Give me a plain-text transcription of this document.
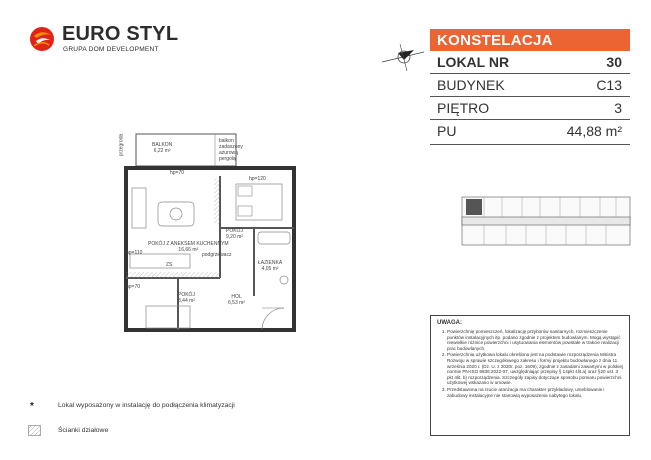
EURO STYL
GRUPA DOM DEVELOPMENT
KONSTELACJA
LOKAL NR	30
BUDYNEK	C13
PIĘTRO	3
PU	44,88 m²
BALKON
6,22 m²
balkon
zadaszony
ażurową
pergolą
przegroda
hp=70
hp=120
hp=110
hp=70
POKÓJ Z ANEKSEM KUCHENNYM
16,66 m²
podgrzewacz
ZS
POKÓJ
9,20 m²
ŁAZIENKA
4,05 m²
POKÓJ
8,44 m²
HOL
6,53 m²
UWAGA:
1. Powierzchnię pomieszczeń, lokalizację przyborów sanitarnych, rozmieszczenie punktów instalacyjnych itp. podano zgodnie z projektem budowlanym. Mogą wystąpić niewielkie różnice powierzchni i usytuowania elementów powstałe w trakcie realizacji prac budowlanych.
2. Powierzchnia użytkowa lokalu określona jest na podstawie rozporządzenia Ministra Rozwoju w sprawie szczegółowego zakresu i formy projektu budowlanego z dnia 11 września 2020 r. (Dz. U. z 2020r. poz. 1609), zgodnie z zasadami zawartymi w polskiej normie PN-ISO 9836:2022-07, uwzględniając przepisy § 14pkt 4lit.a) oraz §20 ust. 3 pkt 4lit. b) rozporządzenia. Szczegóły zapisy dotyczące sposobu pomiaru powierzchni użytkowej wskazano w umowie.
3. Przedstawiona na rzucie aranżacja ma charakter przykładowy, umeblowanie i zabudowy instalacyjne nie stanowią wyposażenia nabytego lokalu.
*	Lokal wyposażony w instalację do podłączenia klimatyzacji
Ścianki działowe
